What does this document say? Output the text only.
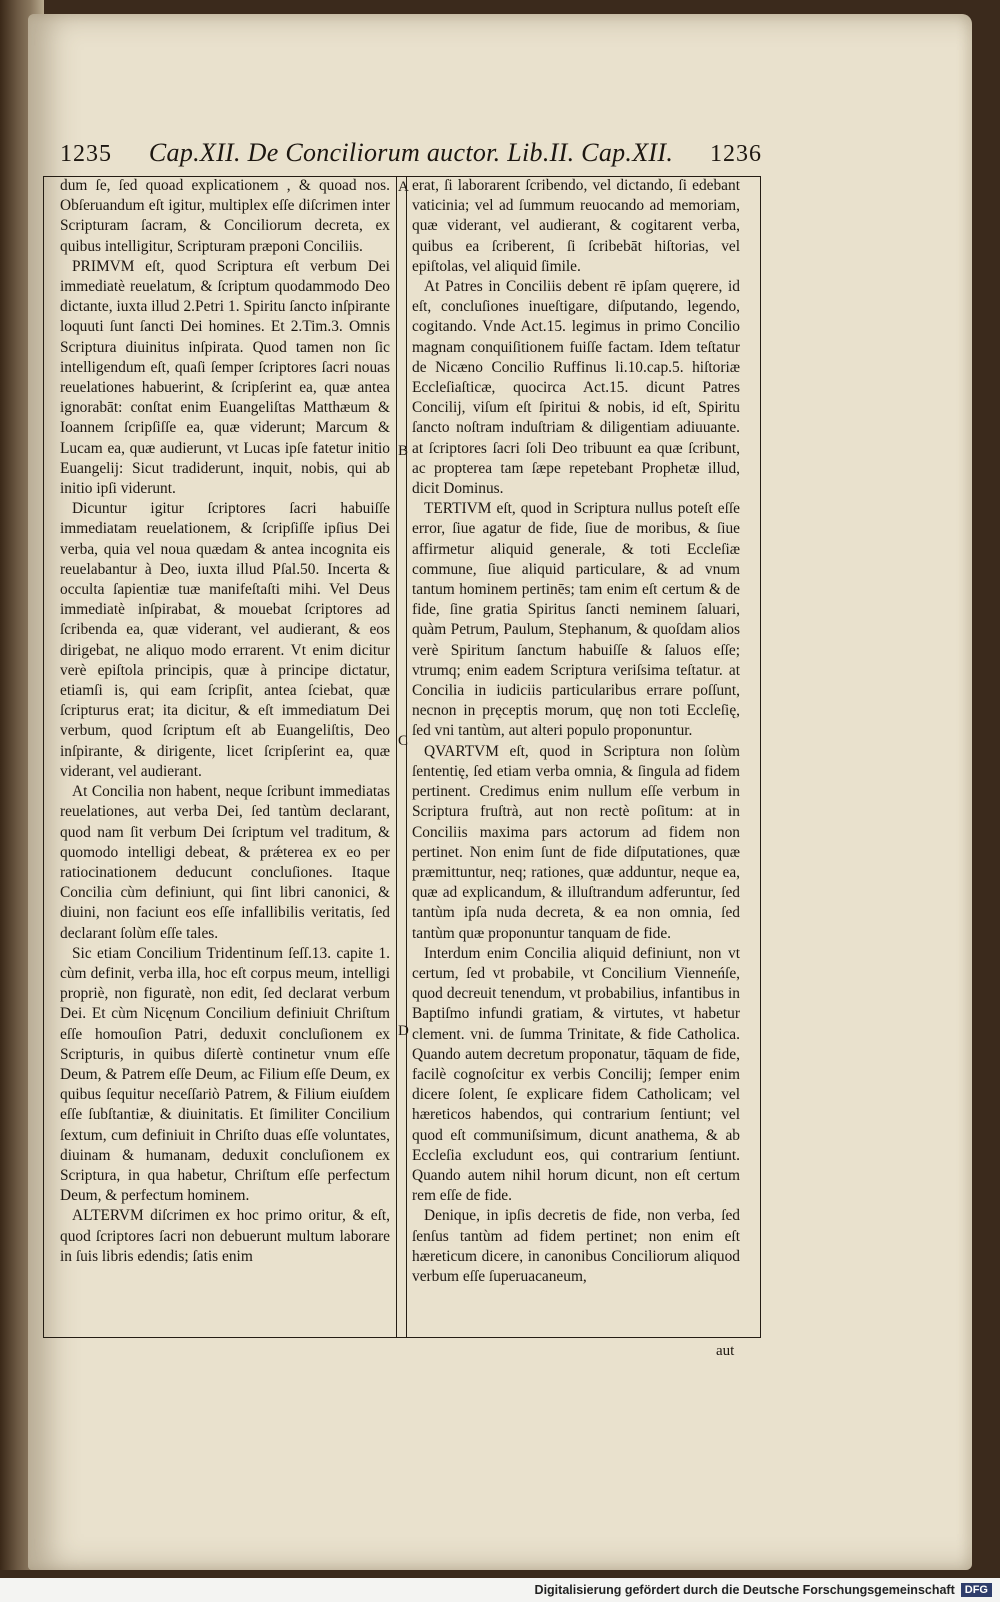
1235 Cap.XII. De Conciliorum auctor. Lib.II. Cap.XII. 1236

dum ſe, ſed quoad explicationem , & quoad nos. Obſeruandum eſt igitur, multiplex eſſe diſcrimen inter Scripturam ſacram, & Conciliorum decreta, ex quibus intelligitur, Scripturam præponi Conciliis.

PRIMVM eſt, quod Scriptura eſt verbum Dei immediatè reuelatum, & ſcriptum quodammodo Deo dictante, iuxta illud 2.Petri 1. Spiritu ſancto inſpirante loquuti ſunt ſancti Dei homines. Et 2.Tim.3. Omnis Scriptura diuinitus inſpirata. Quod tamen non ſic intelligendum eſt, quaſi ſemper ſcriptores ſacri nouas reuelationes habuerint, & ſcripſerint ea, quæ antea ignorabāt: conſtat enim Euangeliſtas Matthæum & Ioannem ſcripſiſſe ea, quæ viderunt; Marcum & Lucam ea, quæ audierunt, vt Lucas ipſe fatetur initio Euangelij: Sicut tradiderunt, inquit, nobis, qui ab initio ipſi viderunt.

Dicuntur igitur ſcriptores ſacri habuiſſe immediatam reuelationem, & ſcripſiſſe ipſius Dei verba, quia vel noua quædam & antea incognita eis reuelabantur à Deo, iuxta illud Pſal.50. Incerta & occulta ſapientiæ tuæ manifeſtaſti mihi. Vel Deus immediatè inſpirabat, & mouebat ſcriptores ad ſcribenda ea, quæ viderant, vel audierant, & eos dirigebat, ne aliquo modo errarent. Vt enim dicitur verè epiſtola principis, quæ à principe dictatur, etiamſi is, qui eam ſcripſit, antea ſciebat, quæ ſcripturus erat; ita dicitur, & eſt immediatum Dei verbum, quod ſcriptum eſt ab Euangeliſtis, Deo inſpirante, & dirigente, licet ſcripſerint ea, quæ viderant, vel audierant.

At Concilia non habent, neque ſcribunt immediatas reuelationes, aut verba Dei, ſed tantùm declarant, quod nam ſit verbum Dei ſcriptum vel traditum, & quomodo intelligi debeat, & prǽterea ex eo per ratiocinationem deducunt concluſiones. Itaque Concilia cùm definiunt, qui ſint libri canonici, & diuini, non faciunt eos eſſe infallibilis veritatis, ſed declarant ſolùm eſſe tales.

Sic etiam Concilium Tridentinum ſeſſ.13. capite 1. cùm definit, verba illa, hoc eſt corpus meum, intelligi propriè, non figuratè, non edit, ſed declarat verbum Dei. Et cùm Nicęnum Concilium definiuit Chriſtum eſſe homouſion Patri, deduxit concluſionem ex Scripturis, in quibus diſertè continetur vnum eſſe Deum, & Patrem eſſe Deum, ac Filium eſſe Deum, ex quibus ſequitur neceſſariò Patrem, & Filium eiuſdem eſſe ſubſtantiæ, & diuinitatis. Et ſimiliter Concilium ſextum, cum definiuit in Chriſto duas eſſe voluntates, diuinam & humanam, deduxit concluſionem ex Scriptura, in qua habetur, Chriſtum eſſe perfectum Deum, & perfectum hominem.

ALTERVM diſcrimen ex hoc primo oritur, & eſt, quod ſcriptores ſacri non debuerunt multum laborare in ſuis libris edendis; ſatis enim

erat, ſi laborarent ſcribendo, vel dictando, ſi edebant vaticinia; vel ad ſummum reuocando ad memoriam, quæ viderant, vel audierant, & cogitarent verba, quibus ea ſcriberent, ſi ſcribebāt hiſtorias, vel epiſtolas, vel aliquid ſimile.

At Patres in Conciliis debent rē ipſam quęrere, id eſt, concluſiones inueſtigare, diſputando, legendo, cogitando. Vnde Act.15. legimus in primo Concilio magnam conquiſitionem fuiſſe factam. Idem teſtatur de Nicæno Concilio Ruffinus li.10.cap.5. hiſtoriæ Eccleſiaſticæ, quocirca Act.15. dicunt Patres Concilij, viſum eſt ſpiritui & nobis, id eſt, Spiritu ſancto noſtram induſtriam & diligentiam adiuuante. at ſcriptores ſacri ſoli Deo tribuunt ea quæ ſcribunt, ac propterea tam ſæpe repetebant Prophetæ illud, dicit Dominus.

TERTIVM eſt, quod in Scriptura nullus poteſt eſſe error, ſiue agatur de fide, ſiue de moribus, & ſiue affirmetur aliquid generale, & toti Eccleſiæ commune, ſiue aliquid particulare, & ad vnum tantum hominem pertinēs; tam enim eſt certum & de fide, ſine gratia Spiritus ſancti neminem ſaluari, quàm Petrum, Paulum, Stephanum, & quoſdam alios verè Spiritum ſanctum habuiſſe & ſaluos eſſe; vtrumq; enim eadem Scriptura veriſsima teſtatur. at Concilia in iudiciis particularibus errare poſſunt, necnon in pręceptis morum, quę non toti Eccleſię, ſed vni tantùm, aut alteri populo proponuntur.

QVARTVM eſt, quod in Scriptura non ſolùm ſententię, ſed etiam verba omnia, & ſingula ad fidem pertinent. Credimus enim nullum eſſe verbum in Scriptura fruſtrà, aut non rectè poſitum: at in Conciliis maxima pars actorum ad fidem non pertinet. Non enim ſunt de fide diſputationes, quæ præmittuntur, neq; rationes, quæ adduntur, neque ea, quæ ad explicandum, & illuſtrandum adferuntur, ſed tantùm ipſa nuda decreta, & ea non omnia, ſed tantùm quæ proponuntur tanquam de fide.

Interdum enim Concilia aliquid definiunt, non vt certum, ſed vt probabile, vt Concilium Vienneńſe, quod decreuit tenendum, vt probabilius, infantibus in Baptiſmo infundi gratiam, & virtutes, vt habetur clement. vni. de ſumma Trinitate, & fide Catholica. Quando autem decretum proponatur, tāquam de fide, facilè cognoſcitur ex verbis Concilij; ſemper enim dicere ſolent, ſe explicare fidem Catholicam; vel hæreticos habendos, qui contrarium ſentiunt; vel quod eſt communiſsimum, dicunt anathema, & ab Eccleſia excludunt eos, qui contrarium ſentiunt. Quando autem nihil horum dicunt, non eſt certum rem eſſe de fide.

Denique, in ipſis decretis de fide, non verba, ſed ſenſus tantùm ad fidem pertinet; non enim eſt hæreticum dicere, in canonibus Conciliorum aliquod verbum eſſe ſuperuacaneum,

A
B
C
D
aut
Digitalisierung gefördert durch die Deutsche Forschungsgemeinschaft DFG
